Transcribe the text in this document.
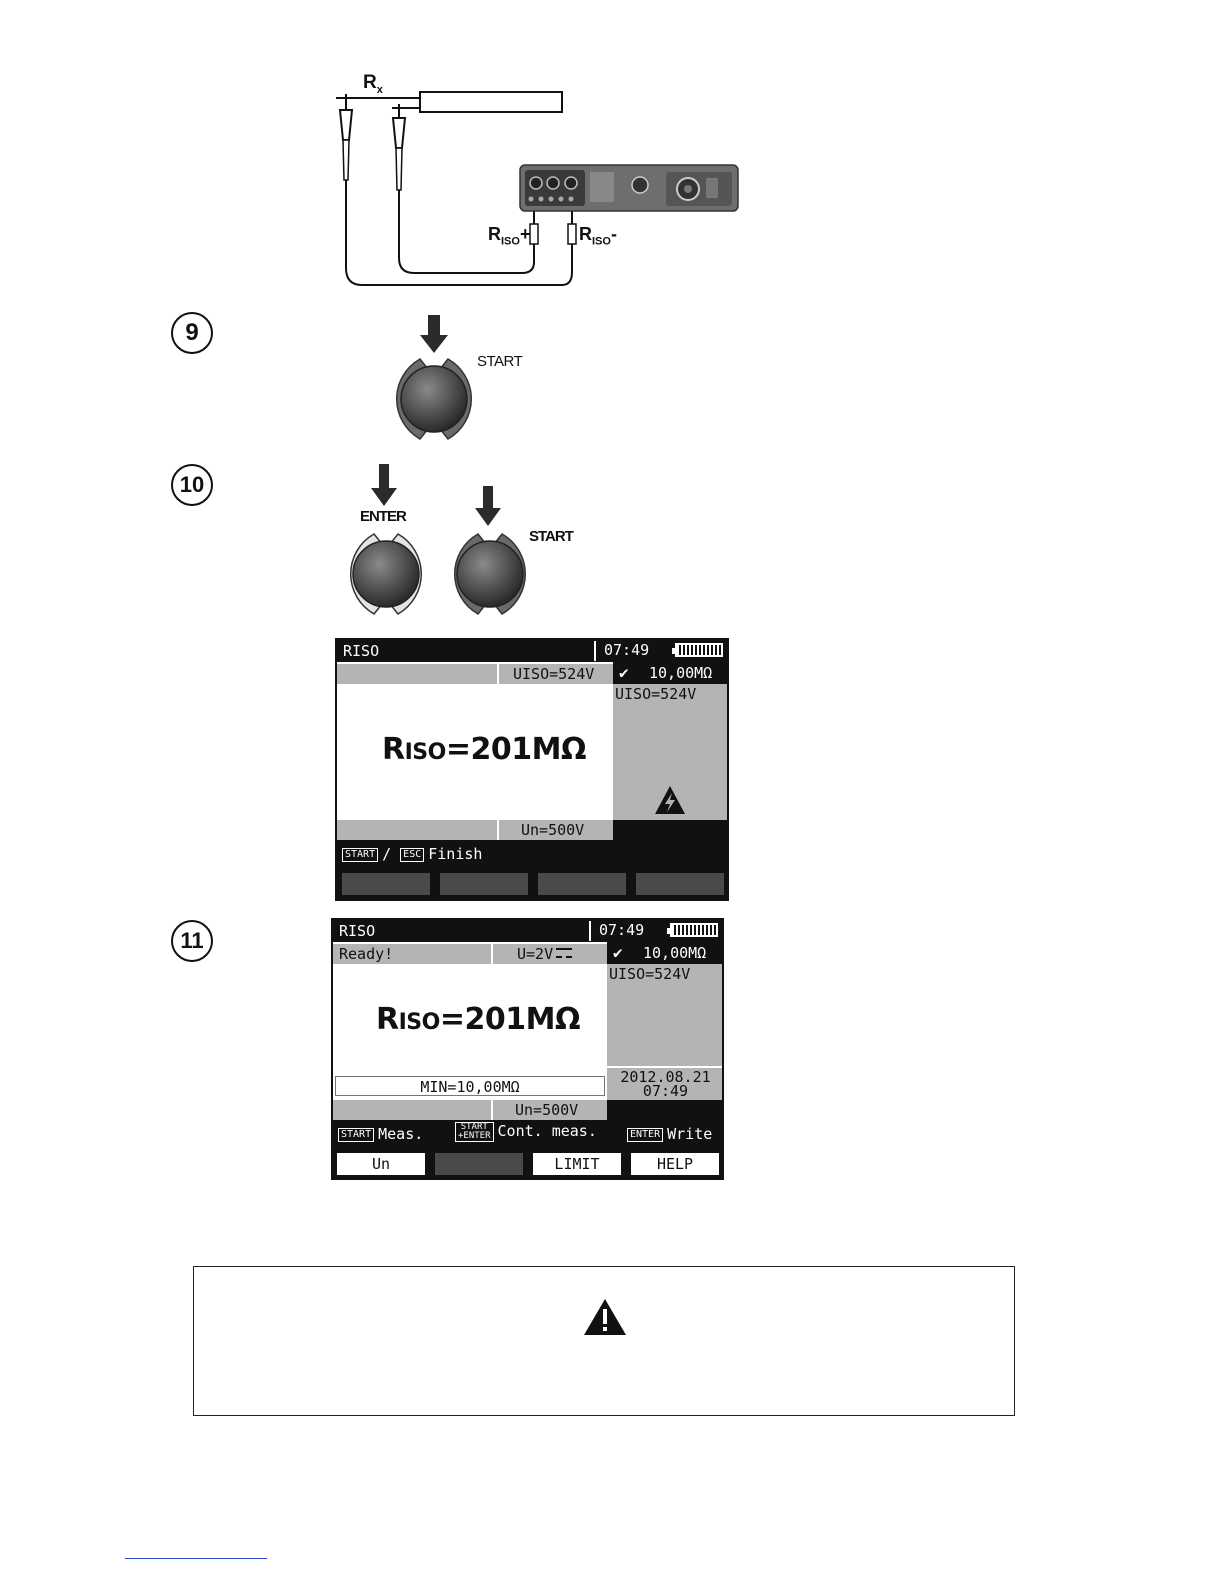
$R_x$
$R_{ISO}+$	$R_{ISO}-$
9
START
10
ENTER
START
RISO	07:49
UISO=524V	✔ 10,00MΩ
UISO=524V
RISO=201MΩ
Un=500V
START / ESC Finish
11	RISO	07:49
Ready!	U=2V	✔ 10,00MΩ
UISO=524V
2012.08.21
07:49
RISO=201MΩ
MIN=10,00MΩ
Un=500V
START Meas.	START
+ENTER Cont. meas.	ENTER Write
Un	LIMIT	HELP
